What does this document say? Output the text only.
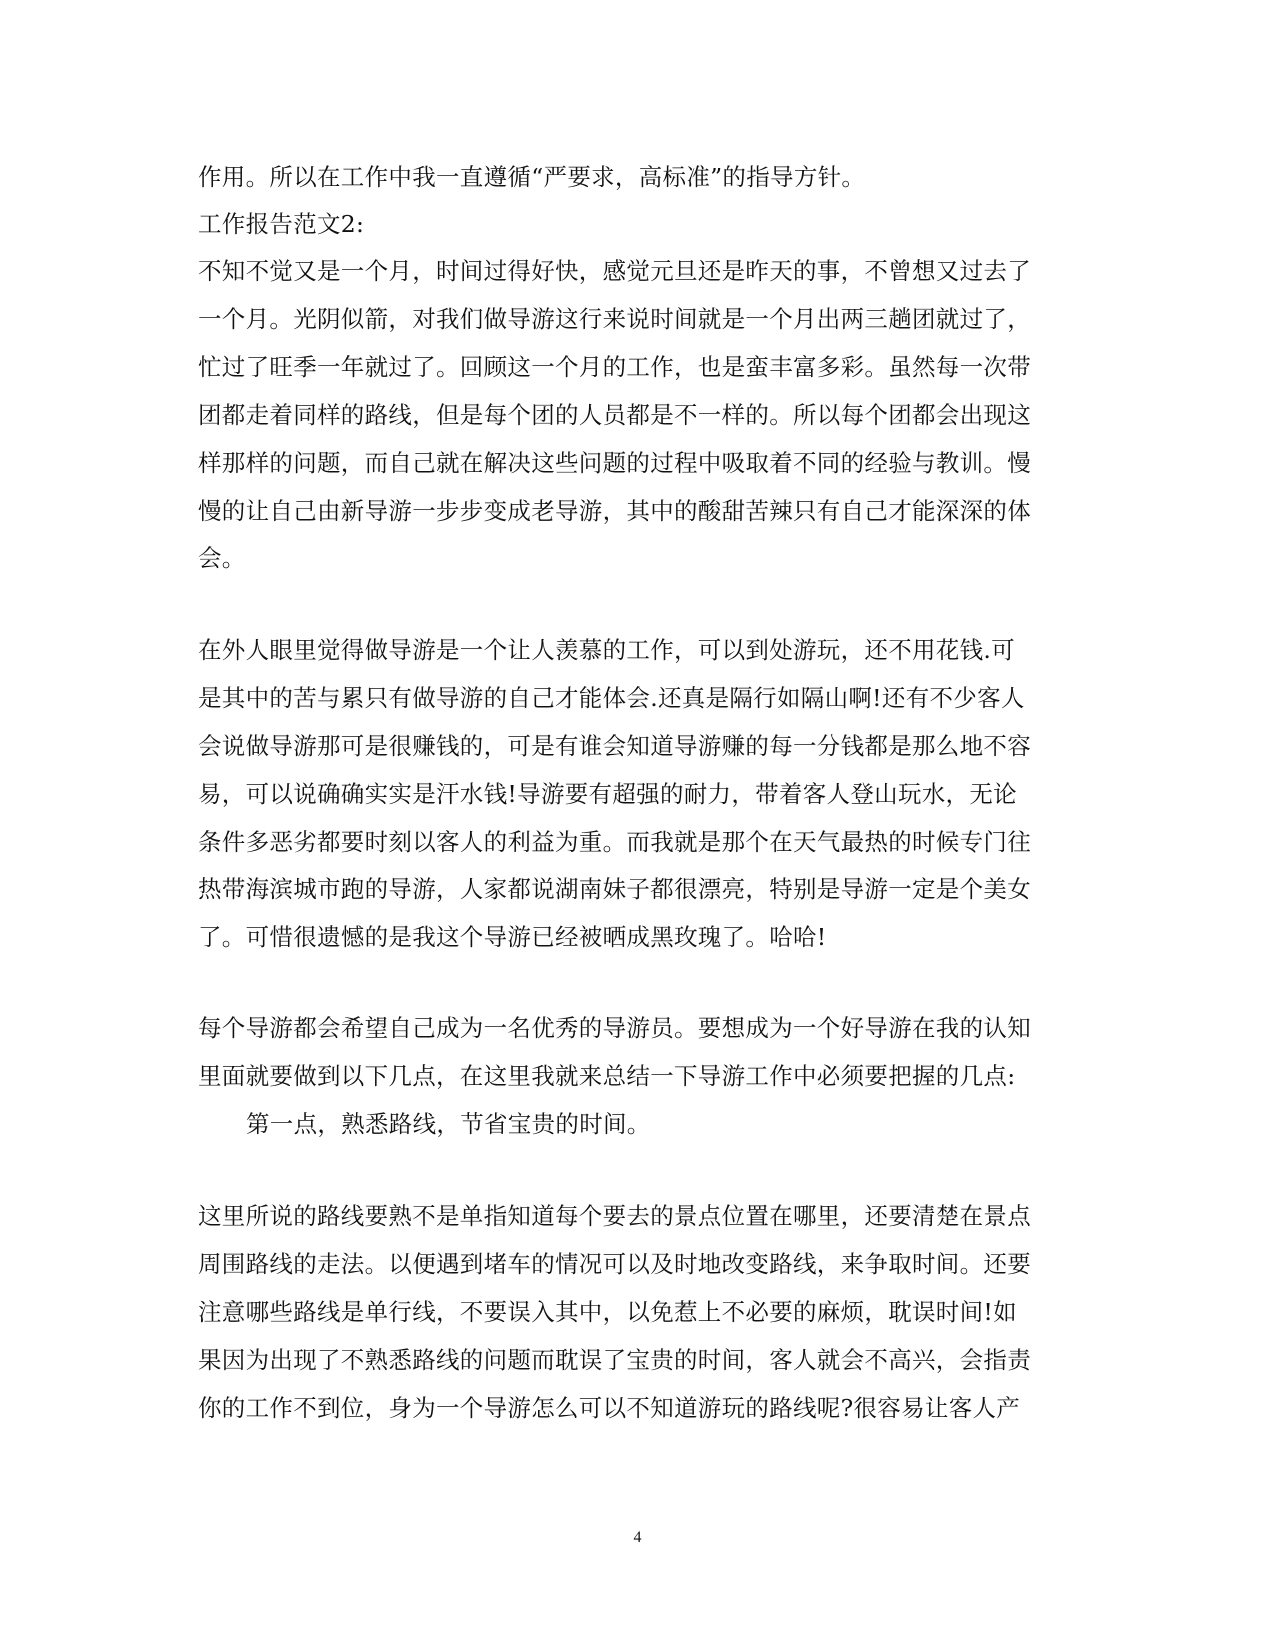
作用。所以在工作中我一直遵循“严要求，高标准”的指导方针。
工作报告范文2:
不知不觉又是一个月，时间过得好快，感觉元旦还是昨天的事，不曾想又过去了
一个月。光阴似箭，对我们做导游这行来说时间就是一个月出两三趟团就过了，
忙过了旺季一年就过了。回顾这一个月的工作，也是蛮丰富多彩。虽然每一次带
团都走着同样的路线，但是每个团的人员都是不一样的。所以每个团都会出现这
样那样的问题，而自己就在解决这些问题的过程中吸取着不同的经验与教训。慢
慢的让自己由新导游一步步变成老导游，其中的酸甜苦辣只有自己才能深深的体
会。
在外人眼里觉得做导游是一个让人羡慕的工作，可以到处游玩，还不用花钱.可
是其中的苦与累只有做导游的自己才能体会.还真是隔行如隔山啊!还有不少客人
会说做导游那可是很赚钱的，可是有谁会知道导游赚的每一分钱都是那么地不容
易，可以说确确实实是汗水钱!导游要有超强的耐力，带着客人登山玩水，无论
条件多恶劣都要时刻以客人的利益为重。而我就是那个在天气最热的时候专门往
热带海滨城市跑的导游，人家都说湖南妹子都很漂亮，特别是导游一定是个美女
了。可惜很遗憾的是我这个导游已经被晒成黑玫瑰了。哈哈!
每个导游都会希望自己成为一名优秀的导游员。要想成为一个好导游在我的认知
里面就要做到以下几点，在这里我就来总结一下导游工作中必须要把握的几点:
第一点，熟悉路线，节省宝贵的时间。
这里所说的路线要熟不是单指知道每个要去的景点位置在哪里，还要清楚在景点
周围路线的走法。以便遇到堵车的情况可以及时地改变路线，来争取时间。还要
注意哪些路线是单行线，不要误入其中，以免惹上不必要的麻烦，耽误时间!如
果因为出现了不熟悉路线的问题而耽误了宝贵的时间，客人就会不高兴，会指责
你的工作不到位，身为一个导游怎么可以不知道游玩的路线呢?很容易让客人产
4
